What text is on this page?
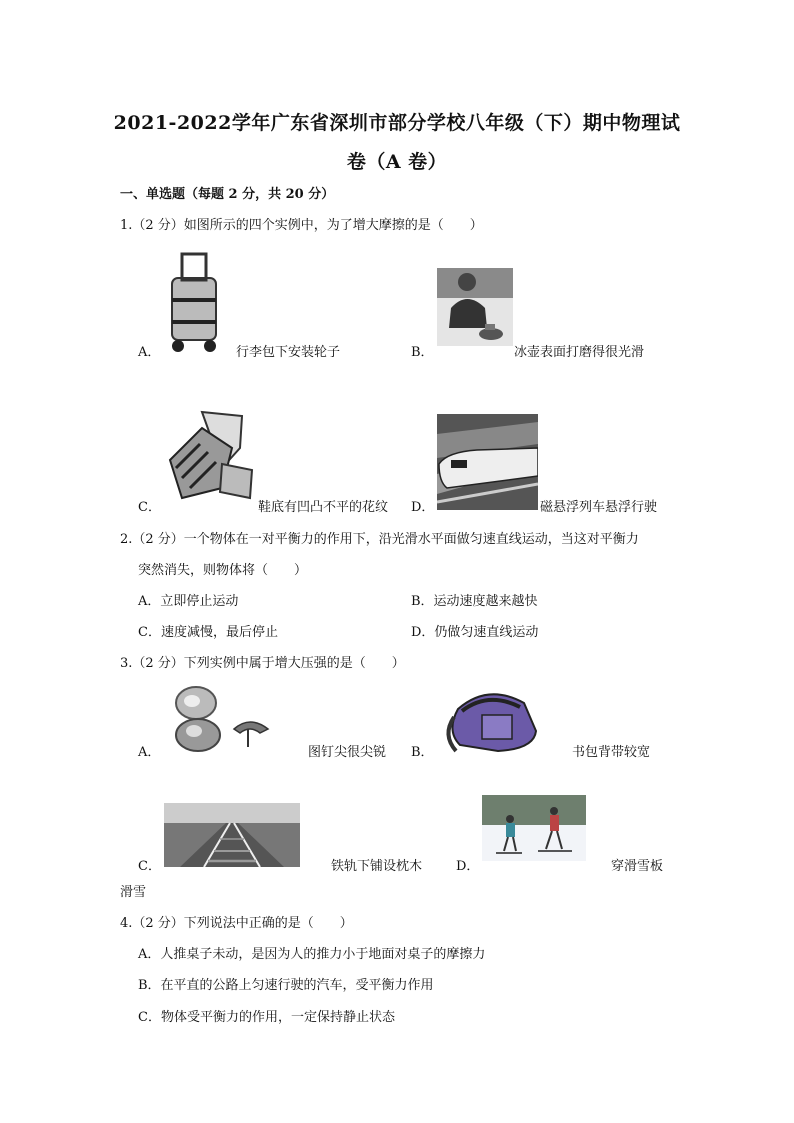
2021-2022学年广东省深圳市部分学校八年级（下）期中物理试
卷（A 卷）
一、单选题（每题 2 分，共 20 分）
1.（2 分）如图所示的四个实例中，为了增大摩擦的是（　　）
A．	行李包下安装轮子	B．	冰壶表面打磨得很光滑
C．	鞋底有凹凸不平的花纹 D．	磁悬浮列车悬浮行驶
2.（2 分）一个物体在一对平衡力的作用下，沿光滑水平面做匀速直线运动，当这对平衡力
突然消失，则物体将（　　）
A．立即停止运动	B．运动速度越来越快
C．速度减慢，最后停止	D．仍做匀速直线运动
3.（2 分）下列实例中属于增大压强的是（　　）
A．	图钉尖很尖锐 B．	书包背带较宽
C．	铁轨下铺设枕木	D．	穿滑雪板
滑雪
4.（2 分）下列说法中正确的是（　　）
A．人推桌子未动，是因为人的推力小于地面对桌子的摩擦力
B．在平直的公路上匀速行驶的汽车，受平衡力作用
C．物体受平衡力的作用，一定保持静止状态
